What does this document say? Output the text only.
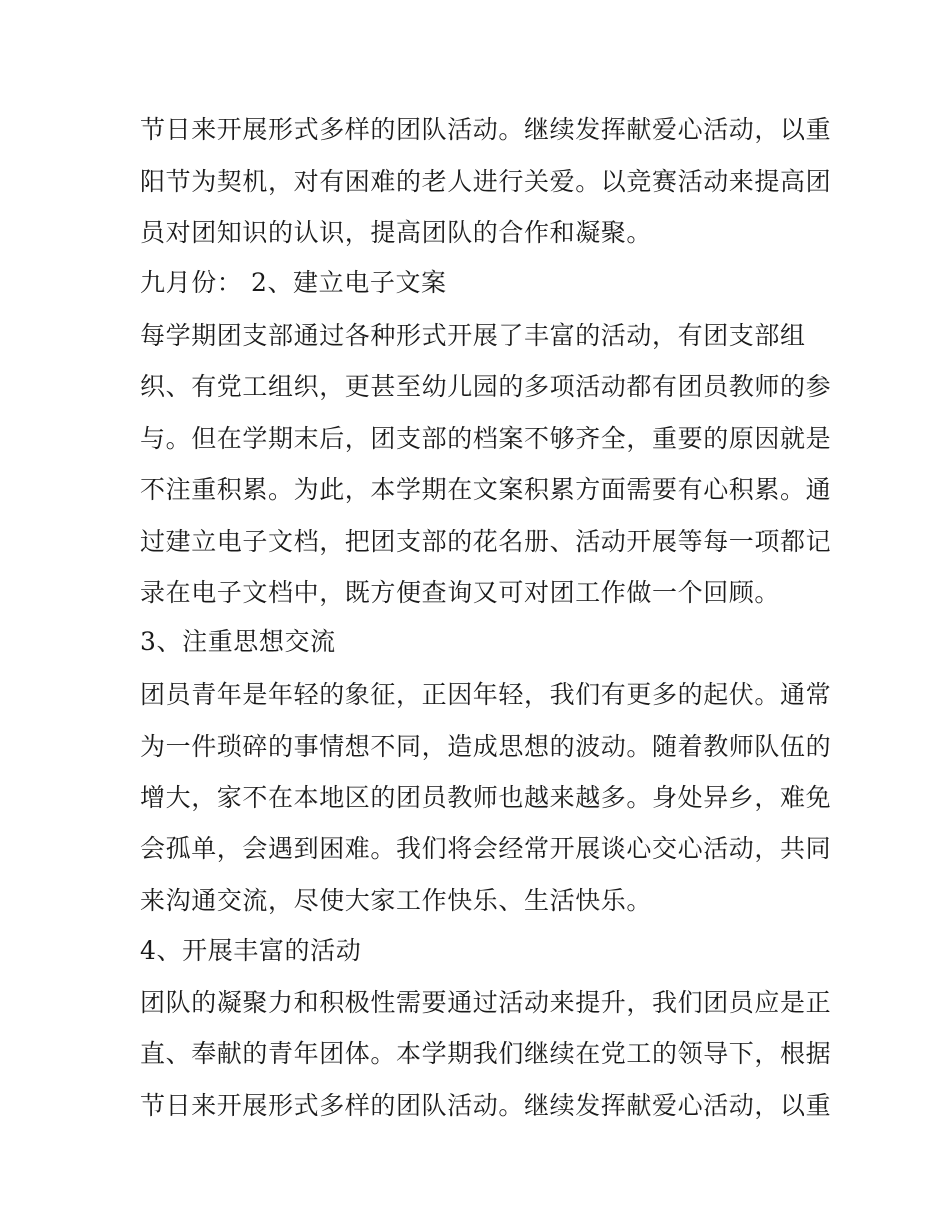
节日来开展形式多样的团队活动。继续发挥献爱心活动，以重
阳节为契机，对有困难的老人进行关爱。以竞赛活动来提高团
员对团知识的认识，提高团队的合作和凝聚。
九月份： 2、建立电子文案
每学期团支部通过各种形式开展了丰富的活动，有团支部组
织、有党工组织，更甚至幼儿园的多项活动都有团员教师的参
与。但在学期末后，团支部的档案不够齐全，重要的原因就是
不注重积累。为此，本学期在文案积累方面需要有心积累。通
过建立电子文档，把团支部的花名册、活动开展等每一项都记
录在电子文档中，既方便查询又可对团工作做一个回顾。
3、注重思想交流
团员青年是年轻的象征，正因年轻，我们有更多的起伏。通常
为一件琐碎的事情想不同，造成思想的波动。随着教师队伍的
增大，家不在本地区的团员教师也越来越多。身处异乡，难免
会孤单，会遇到困难。我们将会经常开展谈心交心活动，共同
来沟通交流，尽使大家工作快乐、生活快乐。
4、开展丰富的活动
团队的凝聚力和积极性需要通过活动来提升，我们团员应是正
直、奉献的青年团体。本学期我们继续在党工的领导下，根据
节日来开展形式多样的团队活动。继续发挥献爱心活动，以重
